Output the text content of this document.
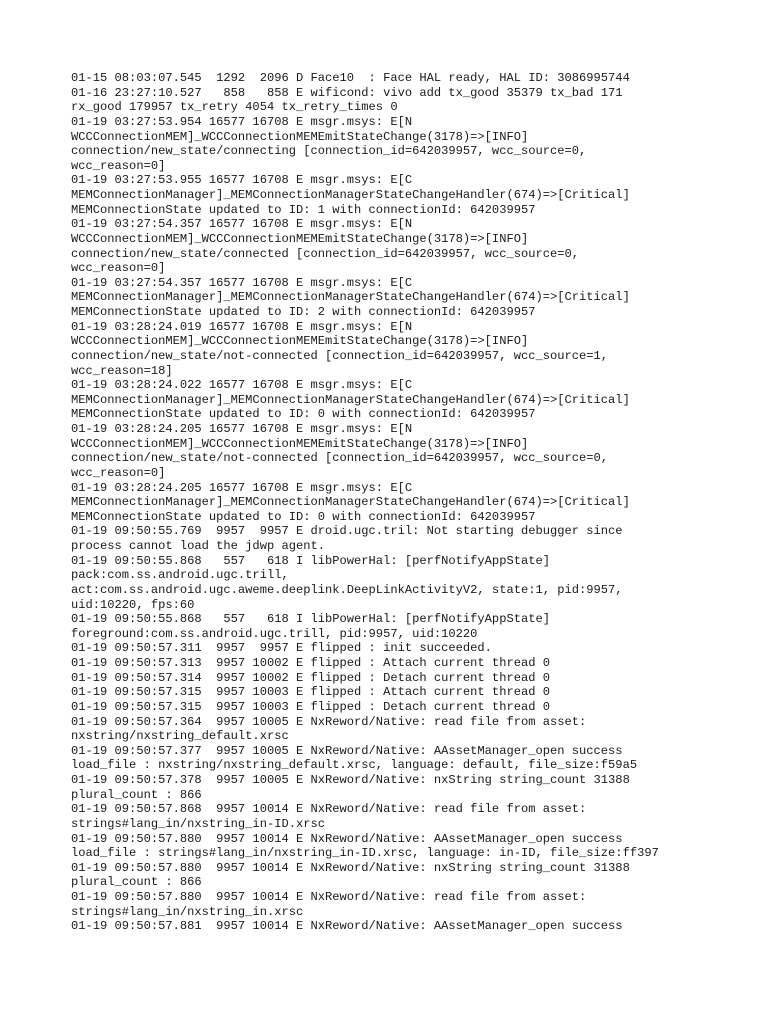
01-15 08:03:07.545  1292  2096 D Face10  : Face HAL ready, HAL ID: 3086995744
01-16 23:27:10.527   858   858 E wificond: vivo add tx_good 35379 tx_bad 171
rx_good 179957 tx_retry 4054 tx_retry_times 0
01-19 03:27:53.954 16577 16708 E msgr.msys: E[N
WCCConnectionMEM]_WCCConnectionMEMEmitStateChange(3178)=>[INFO]
connection/new_state/connecting [connection_id=642039957, wcc_source=0,
wcc_reason=0]
01-19 03:27:53.955 16577 16708 E msgr.msys: E[C
MEMConnectionManager]_MEMConnectionManagerStateChangeHandler(674)=>[Critical]
MEMConnectionState updated to ID: 1 with connectionId: 642039957
01-19 03:27:54.357 16577 16708 E msgr.msys: E[N
WCCConnectionMEM]_WCCConnectionMEMEmitStateChange(3178)=>[INFO]
connection/new_state/connected [connection_id=642039957, wcc_source=0,
wcc_reason=0]
01-19 03:27:54.357 16577 16708 E msgr.msys: E[C
MEMConnectionManager]_MEMConnectionManagerStateChangeHandler(674)=>[Critical]
MEMConnectionState updated to ID: 2 with connectionId: 642039957
01-19 03:28:24.019 16577 16708 E msgr.msys: E[N
WCCConnectionMEM]_WCCConnectionMEMEmitStateChange(3178)=>[INFO]
connection/new_state/not-connected [connection_id=642039957, wcc_source=1,
wcc_reason=18]
01-19 03:28:24.022 16577 16708 E msgr.msys: E[C
MEMConnectionManager]_MEMConnectionManagerStateChangeHandler(674)=>[Critical]
MEMConnectionState updated to ID: 0 with connectionId: 642039957
01-19 03:28:24.205 16577 16708 E msgr.msys: E[N
WCCConnectionMEM]_WCCConnectionMEMEmitStateChange(3178)=>[INFO]
connection/new_state/not-connected [connection_id=642039957, wcc_source=0,
wcc_reason=0]
01-19 03:28:24.205 16577 16708 E msgr.msys: E[C
MEMConnectionManager]_MEMConnectionManagerStateChangeHandler(674)=>[Critical]
MEMConnectionState updated to ID: 0 with connectionId: 642039957
01-19 09:50:55.769  9957  9957 E droid.ugc.tril: Not starting debugger since
process cannot load the jdwp agent.
01-19 09:50:55.868   557   618 I libPowerHal: [perfNotifyAppState]
pack:com.ss.android.ugc.trill,
act:com.ss.android.ugc.aweme.deeplink.DeepLinkActivityV2, state:1, pid:9957,
uid:10220, fps:60
01-19 09:50:55.868   557   618 I libPowerHal: [perfNotifyAppState]
foreground:com.ss.android.ugc.trill, pid:9957, uid:10220
01-19 09:50:57.311  9957  9957 E flipped : init succeeded.
01-19 09:50:57.313  9957 10002 E flipped : Attach current thread 0
01-19 09:50:57.314  9957 10002 E flipped : Detach current thread 0
01-19 09:50:57.315  9957 10003 E flipped : Attach current thread 0
01-19 09:50:57.315  9957 10003 E flipped : Detach current thread 0
01-19 09:50:57.364  9957 10005 E NxReword/Native: read file from asset:
nxstring/nxstring_default.xrsc
01-19 09:50:57.377  9957 10005 E NxReword/Native: AAssetManager_open success
load_file : nxstring/nxstring_default.xrsc, language: default, file_size:f59a5
01-19 09:50:57.378  9957 10005 E NxReword/Native: nxString string_count 31388
plural_count : 866
01-19 09:50:57.868  9957 10014 E NxReword/Native: read file from asset:
strings#lang_in/nxstring_in-ID.xrsc
01-19 09:50:57.880  9957 10014 E NxReword/Native: AAssetManager_open success
load_file : strings#lang_in/nxstring_in-ID.xrsc, language: in-ID, file_size:ff397
01-19 09:50:57.880  9957 10014 E NxReword/Native: nxString string_count 31388
plural_count : 866
01-19 09:50:57.880  9957 10014 E NxReword/Native: read file from asset:
strings#lang_in/nxstring_in.xrsc
01-19 09:50:57.881  9957 10014 E NxReword/Native: AAssetManager_open success
